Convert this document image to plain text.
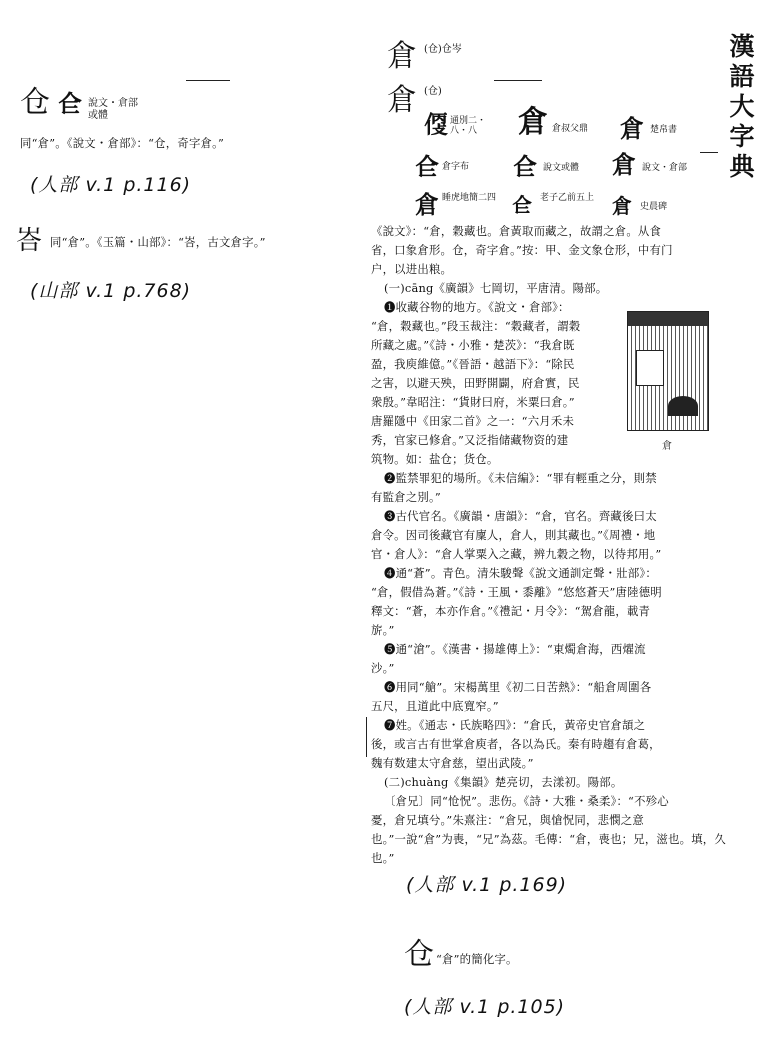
漢
語
大
字
典
仓 仺 說文・倉部
或體
同“倉”。《說文・倉部》：“仓，奇字倉。”
(人部 v.1 p.116)
峇 同“倉”。《玉篇・山部》：“峇，古文倉字。”
(山部 v.1 p.768)
倉 (仓)仓岑
倉 (仓)
𠊳 通別二・八・八	倉 倉叔父鼎 倉 楚帛書
仺 倉字布 仺 說文或體 倉 說文・倉部
倉 睡虎地簡二四 仺 老子乙前五上 倉 史晨碑
《說文》：“倉，穀藏也。倉黃取而藏之，故謂之倉。从食
省，口象倉形。仓，奇字倉。”按：甲、金文象仓形，中有门
户，以进出粮。
(一)cāng《廣韻》七岡切，平唐清。陽部。
❶收藏谷物的地方。《說文・倉部》：
“倉，穀藏也。”段玉裁注：“穀藏者，謂穀
所藏之處。”《詩・小雅・楚茨》：“我倉既
盈，我庾維億。”《晉語・越語下》：“除民
之害，以避天殃，田野開闢，府倉實，民
衆殷。”韋昭注：“貨財曰府，米粟曰倉。”
唐羅隱中《田家二首》之一：“六月禾未
秀，官家已修倉。”又泛指储藏物资的建
筑物。如：盐仓；货仓。
❷監禁罪犯的場所。《未信編》：“罪有輕重之分，則禁
有監倉之別。”
❸古代官名。《廣韻・唐韻》：“倉，官名。齊藏後曰太
倉令。因司後藏官有廩人，倉人，則其藏也。”《周禮・地
官・倉人》：“倉人掌粟入之藏，辨九穀之物，以待邦用。”
❹通“蒼”。青色。清朱駿聲《說文通訓定聲・壯部》：
“倉，假借為蒼。”《詩・王風・黍離》“悠悠蒼天”唐陸德明
釋文：“蒼，本亦作倉。”《禮記・月令》：“駕倉龍，載青
旂。”
❺通“滄”。《漢書・揚雄傳上》：“東燭倉海，西燿流
沙。”
❻用同“艙”。宋楊萬里《初二日苦熱》：“船倉周圍各
五尺，且道此中底寬窄。”
❼姓。《通志・氏族略四》：“倉氏，黃帝史官倉頡之
後，或言古有世掌倉庾者，各以為氏。秦有時趨有倉葛，
魏有数建太守倉慈，望出武陵。”
(二)chuàng《集韻》楚亮切，去漾初。陽部。
〔倉兄〕同“怆怳”。悲伤。《詩・大雅・桑柔》：“不殄心
憂，倉兄填兮。”朱熹注：“倉兄，與愴怳同，悲憫之意
也。”一說“倉”为喪，“兄”為茲。毛傳：“倉，喪也；兄，滋也。填，久
也。”
倉
(人部 v.1 p.169)
仓 “倉”的簡化字。
(人部 v.1 p.105)
